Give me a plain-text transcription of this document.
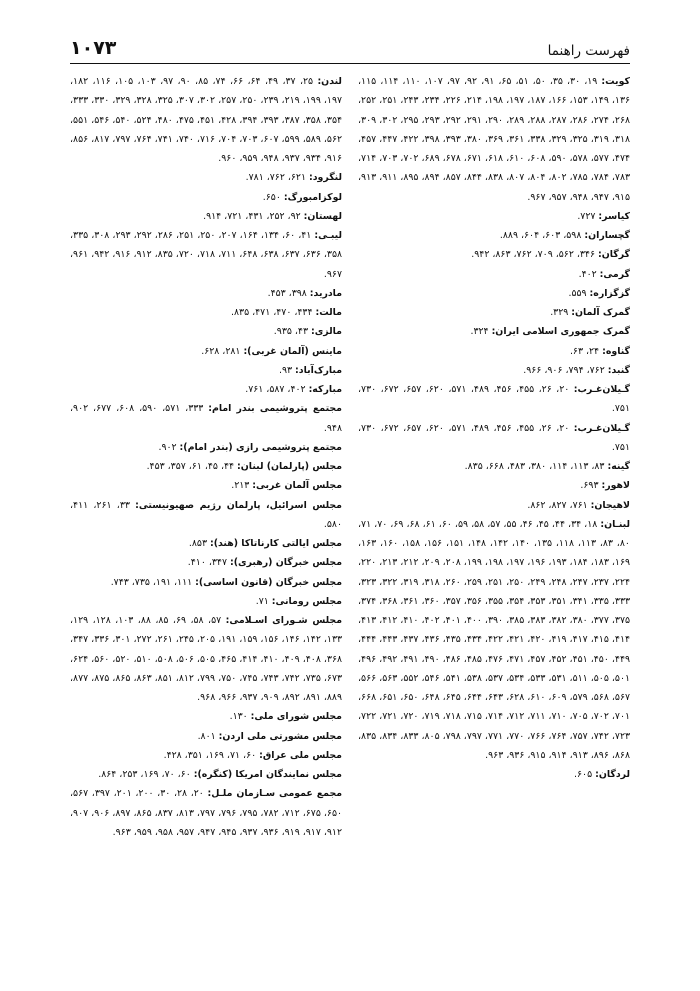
فهرست راهنما
۱۰۷۳
کویت: ۱۹، ۳۰، ۳۵، ۵۰، ۵۱، ۶۵، ۹۱، ۹۲، ۹۷، ۱۰۷، ۱۱۰، ۱۱۴، ۱۱۵، ۱۳۶، ۱۴۹، ۱۵۳، ۱۶۶، ۱۸۷، ۱۹۷، ۱۹۸، ۲۱۴، ۲۲۶، ۲۳۴، ۲۴۳، ۲۵۱، ۲۵۲، ۲۶۸، ۲۷۴، ۲۸۶، ۲۸۷، ۲۸۸، ۲۸۹، ۲۹۰، ۲۹۱، ۲۹۲، ۲۹۳، ۲۹۵، ۳۰۲، ۳۰۹، ۳۱۸، ۳۱۹، ۳۲۵، ۳۲۹، ۳۳۸، ۳۶۱، ۳۶۹، ۳۸۰، ۳۹۳، ۳۹۸، ۴۲۲، ۴۴۷، ۴۵۷، ۴۷۴، ۵۷۷، ۵۷۸، ۵۹۰، ۶۰۸، ۶۱۰، ۶۱۸، ۶۷۱، ۶۷۸، ۶۸۹، ۷۰۲، ۷۰۳، ۷۱۴، ۷۸۳، ۷۸۴، ۷۸۵، ۸۰۲، ۸۰۴، ۸۰۷، ۸۳۸، ۸۴۴، ۸۵۷، ۸۹۴، ۸۹۵، ۹۱۱، ۹۱۳، ۹۱۵، ۹۴۷، ۹۴۸، ۹۵۷، ۹۶۷.
کیاسر: ۷۲۷.
گچساران: ۵۹۸، ۶۰۳، ۶۰۴، ۸۸۹.
گرگان: ۳۴۶، ۵۶۲، ۷۰۹، ۷۶۲، ۸۶۳، ۹۴۲.
گرمی: ۴۰۲.
گزگزاره: ۵۵۹.
گمرک آلمان: ۳۲۹.
گمرک جمهوری اسلامی ایران: ۳۲۴.
گناوه: ۲۴، ۶۳.
گنبد: ۷۶۲، ۷۹۴، ۹۰۶، ۹۶۶.
گـیلان‌غـرب: ۲۰، ۲۶، ۴۵۵، ۴۵۶، ۴۸۹، ۵۷۱، ۶۲۰، ۶۵۷، ۶۷۲، ۷۳۰، ۷۵۱.
گـیلان‌غـرب: ۲۰، ۲۶، ۴۵۵، ۴۵۶، ۴۸۹، ۵۷۱، ۶۲۰، ۶۵۷، ۶۷۲، ۷۳۰، ۷۵۱.
گینه: ۸۳، ۱۱۳، ۱۱۴، ۳۸۰، ۴۸۳، ۶۶۸، ۸۳۵.
لاهور: ۶۹۳.
لاهیجان: ۷۶۱، ۸۲۷، ۸۶۲.
لبنـان: ۱۸، ۳۴، ۴۴، ۴۵، ۴۶، ۵۵، ۵۷، ۵۸، ۵۹، ۶۰، ۶۱، ۶۸، ۶۹، ۷۰، ۷۱، ۸۰، ۸۳، ۱۱۳، ۱۱۸، ۱۳۵، ۱۴۰، ۱۴۲، ۱۴۸، ۱۵۱، ۱۵۶، ۱۵۸، ۱۶۰، ۱۶۳، ۱۶۹، ۱۸۳، ۱۸۴، ۱۹۳، ۱۹۶، ۱۹۷، ۱۹۸، ۱۹۹، ۲۰۸، ۲۰۹، ۲۱۲، ۲۱۳، ۲۲۰، ۲۲۴، ۲۳۷، ۲۴۷، ۲۴۸، ۲۴۹، ۲۵۰، ۲۵۱، ۲۵۹، ۲۶۰، ۳۱۸، ۳۱۹، ۳۲۲، ۳۲۳، ۳۳۳، ۳۳۵، ۳۴۱، ۳۵۱، ۳۵۳، ۳۵۴، ۳۵۵، ۳۵۶، ۳۵۷، ۳۶۰، ۳۶۱، ۳۶۸، ۳۷۴، ۳۷۵، ۳۷۷، ۳۸۰، ۳۸۲، ۳۸۳، ۳۸۵، ۳۹۰، ۴۰۰، ۴۰۱، ۴۰۲، ۴۱۰، ۴۱۲، ۴۱۳، ۴۱۴، ۴۱۵، ۴۱۷، ۴۱۹، ۴۲۰، ۴۲۱، ۴۲۲، ۴۳۴، ۴۳۵، ۴۳۶، ۴۳۷، ۴۴۳، ۴۴۴، ۴۴۹، ۴۵۰، ۴۵۱، ۴۵۲، ۴۵۷، ۴۷۱، ۴۷۶، ۴۸۵، ۴۸۶، ۴۹۰، ۴۹۱، ۴۹۲، ۴۹۶، ۵۰۱، ۵۰۵، ۵۱۱، ۵۳۱، ۵۳۳، ۵۳۴، ۵۳۷، ۵۳۸، ۵۴۱، ۵۴۶، ۵۵۲، ۵۶۳، ۵۶۶، ۵۶۷، ۵۶۸، ۵۷۹، ۶۰۹، ۶۱۰، ۶۲۸، ۶۴۳، ۶۴۴، ۶۴۵، ۶۴۸، ۶۵۰، ۶۵۱، ۶۶۸، ۷۰۱، ۷۰۲، ۷۰۵، ۷۱۰، ۷۱۱، ۷۱۲، ۷۱۴، ۷۱۵، ۷۱۸، ۷۱۹، ۷۲۰، ۷۲۱، ۷۲۲، ۷۲۳، ۷۴۲، ۷۵۷، ۷۶۴، ۷۶۶، ۷۷۰، ۷۷۱، ۷۹۷، ۷۹۸، ۸۰۵، ۸۳۳، ۸۳۴، ۸۳۵، ۸۶۸، ۸۹۶، ۹۱۳، ۹۱۴، ۹۱۵، ۹۳۶، ۹۶۳.
لردگان: ۶۰۵.
لندن: ۲۵، ۳۷، ۴۹، ۶۴، ۶۶، ۷۴، ۸۵، ۹۰، ۹۷، ۱۰۳، ۱۰۵، ۱۱۶، ۱۸۲، ۱۹۷، ۱۹۹، ۲۱۹، ۲۳۹، ۲۵۰، ۲۵۷، ۳۰۲، ۳۰۷، ۳۲۵، ۳۲۸، ۳۲۹، ۳۳۰، ۳۳۳، ۳۵۴، ۳۵۸، ۳۸۷، ۳۹۳، ۳۹۴، ۴۲۸، ۴۵۱، ۴۷۵، ۴۸۰، ۵۲۴، ۵۴۰، ۵۴۶، ۵۵۱، ۵۶۲، ۵۸۹، ۵۹۹، ۶۰۷، ۷۰۳، ۷۰۴، ۷۱۶، ۷۴۰، ۷۴۱، ۷۶۴، ۷۹۷، ۸۱۷، ۸۵۶، ۹۱۶، ۹۳۴، ۹۳۷، ۹۴۸، ۹۵۹، ۹۶۰.
لنگرود: ۶۲۱، ۷۶۲، ۷۸۱.
لوکزامبورگ: ۶۵۰.
لهستان: ۹۲، ۲۵۲، ۴۳۱، ۷۲۱، ۹۱۴.
لیبـی: ۴۱، ۶۰، ۱۳۴، ۱۶۴، ۲۰۷، ۲۵۰، ۲۵۱، ۲۸۶، ۲۹۲، ۲۹۳، ۳۰۸، ۳۳۵، ۳۵۸، ۶۳۶، ۶۳۷، ۶۳۸، ۶۴۸، ۷۱۱، ۷۱۸، ۷۲۰، ۸۳۵، ۹۱۲، ۹۱۶، ۹۴۲، ۹۶۱، ۹۶۷.
مادرید: ۳۹۸، ۴۵۳.
مالت: ۴۳۴، ۴۷۰، ۴۷۱، ۸۳۵.
مالزی: ۴۳، ۹۳۵.
ماینس (آلمان غربی): ۲۸۱، ۶۲۸.
مبارک‌آباد: ۹۳.
مبارکه: ۴۰۲، ۵۸۷، ۷۶۱.
مجتمع پتروشیمی بندر امام: ۳۳۳، ۵۷۱، ۵۹۰، ۶۰۸، ۶۷۷، ۹۰۲، ۹۴۸.
مجتمع پتروشیمی رازی (بندر امام): ۹۰۲.
مجلس (پارلمان) لبنان: ۴۴، ۴۵، ۶۱، ۳۵۷، ۴۵۳.
مجلس آلمان غربی: ۲۱۳.
مجلس اسرائیل، پارلمان رژیم صهیونیستی: ۳۳، ۲۶۱، ۴۱۱، ۵۸۰.
مجلس ایالتی کارناتاکا (هند): ۸۵۳.
مجلس خبرگان (رهبری): ۳۴۷، ۴۱۰.
مجلس خبرگان (قانون اساسی): ۱۱۱، ۱۹۱، ۷۳۵، ۷۴۳.
مجلس رومانی: ۷۱.
مجلس شـورای اسـلامی: ۵۷، ۵۸، ۶۹، ۸۵، ۸۸، ۱۰۳، ۱۲۸، ۱۲۹، ۱۳۳، ۱۴۲، ۱۴۶، ۱۵۶، ۱۵۹، ۱۹۱، ۲۰۵، ۲۴۵، ۲۶۱، ۲۷۲، ۳۰۱، ۳۳۶، ۳۴۷، ۳۶۸، ۴۰۸، ۴۰۹، ۴۱۰، ۴۱۴، ۴۶۵، ۵۰۵، ۵۰۶، ۵۰۸، ۵۱۰، ۵۲۰، ۵۶۰، ۶۲۴، ۶۷۳، ۷۳۵، ۷۴۲، ۷۴۳، ۷۴۵، ۷۵۰، ۷۹۹، ۸۱۲، ۸۵۱، ۸۶۳، ۸۶۵، ۸۷۵، ۸۷۷، ۸۸۹، ۸۹۱، ۸۹۲، ۹۰۹، ۹۳۷، ۹۶۶، ۹۶۸.
مجلس شورای ملی: ۱۳۰.
مجلس مشورتی ملی اردن: ۸۰۱.
مجلس ملی عراق: ۶۰، ۷۱، ۱۶۹، ۳۵۱، ۴۲۸.
مجلس نمایندگان امریکا (کنگره): ۶۰، ۷۰، ۱۶۹، ۲۵۳، ۸۶۴.
مجمع عمومی سـازمان ملـل: ۲۰، ۲۸، ۳۰، ۲۰۰، ۲۰۱، ۳۹۷، ۵۶۷، ۶۵۰، ۶۷۵، ۷۱۲، ۷۸۲، ۷۹۵، ۷۹۶، ۷۹۷، ۸۱۳، ۸۳۷، ۸۶۵، ۸۹۷، ۹۰۶، ۹۰۷، ۹۱۲، ۹۱۷، ۹۱۹، ۹۳۶، ۹۳۷، ۹۴۵، ۹۴۷، ۹۵۷، ۹۵۸، ۹۵۹، ۹۶۳.
